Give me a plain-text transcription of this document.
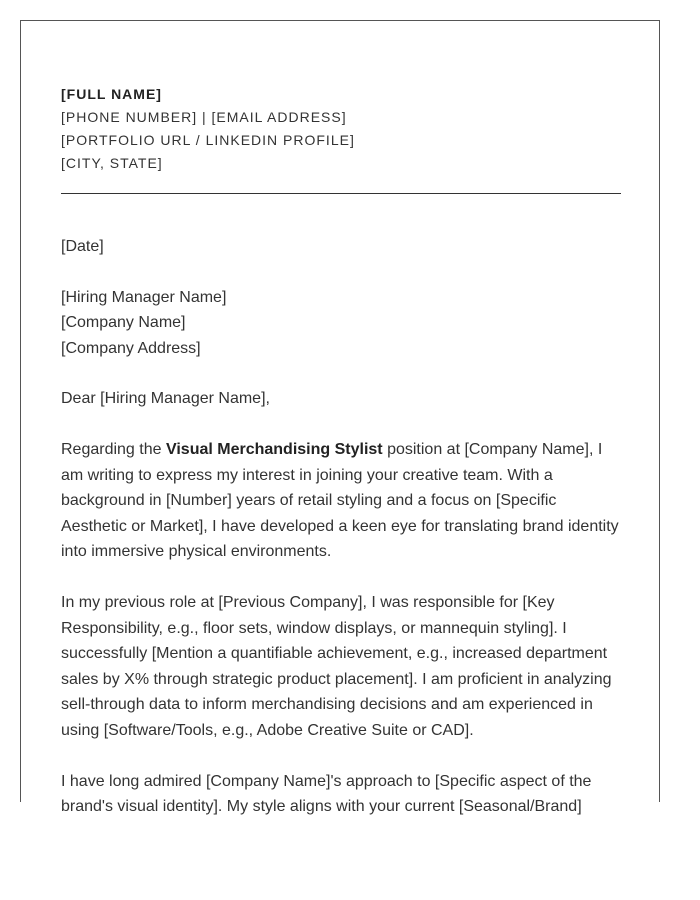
[FULL NAME]
[PHONE NUMBER] | [EMAIL ADDRESS]
[PORTFOLIO URL / LINKEDIN PROFILE]
[CITY, STATE]

[Date]

[Hiring Manager Name]
[Company Name]
[Company Address]

Dear [Hiring Manager Name],

Regarding the Visual Merchandising Stylist position at [Company Name], I am writing to express my interest in joining your creative team. With a background in [Number] years of retail styling and a focus on [Specific Aesthetic or Market], I have developed a keen eye for translating brand identity into immersive physical environments.

In my previous role at [Previous Company], I was responsible for [Key Responsibility, e.g., floor sets, window displays, or mannequin styling]. I successfully [Mention a quantifiable achievement, e.g., increased department sales by X% through strategic product placement]. I am proficient in analyzing sell-through data to inform merchandising decisions and am experienced in using [Software/Tools, e.g., Adobe Creative Suite or CAD].

I have long admired [Company Name]'s approach to [Specific aspect of the brand's visual identity]. My style aligns with your current [Seasonal/Brand]
